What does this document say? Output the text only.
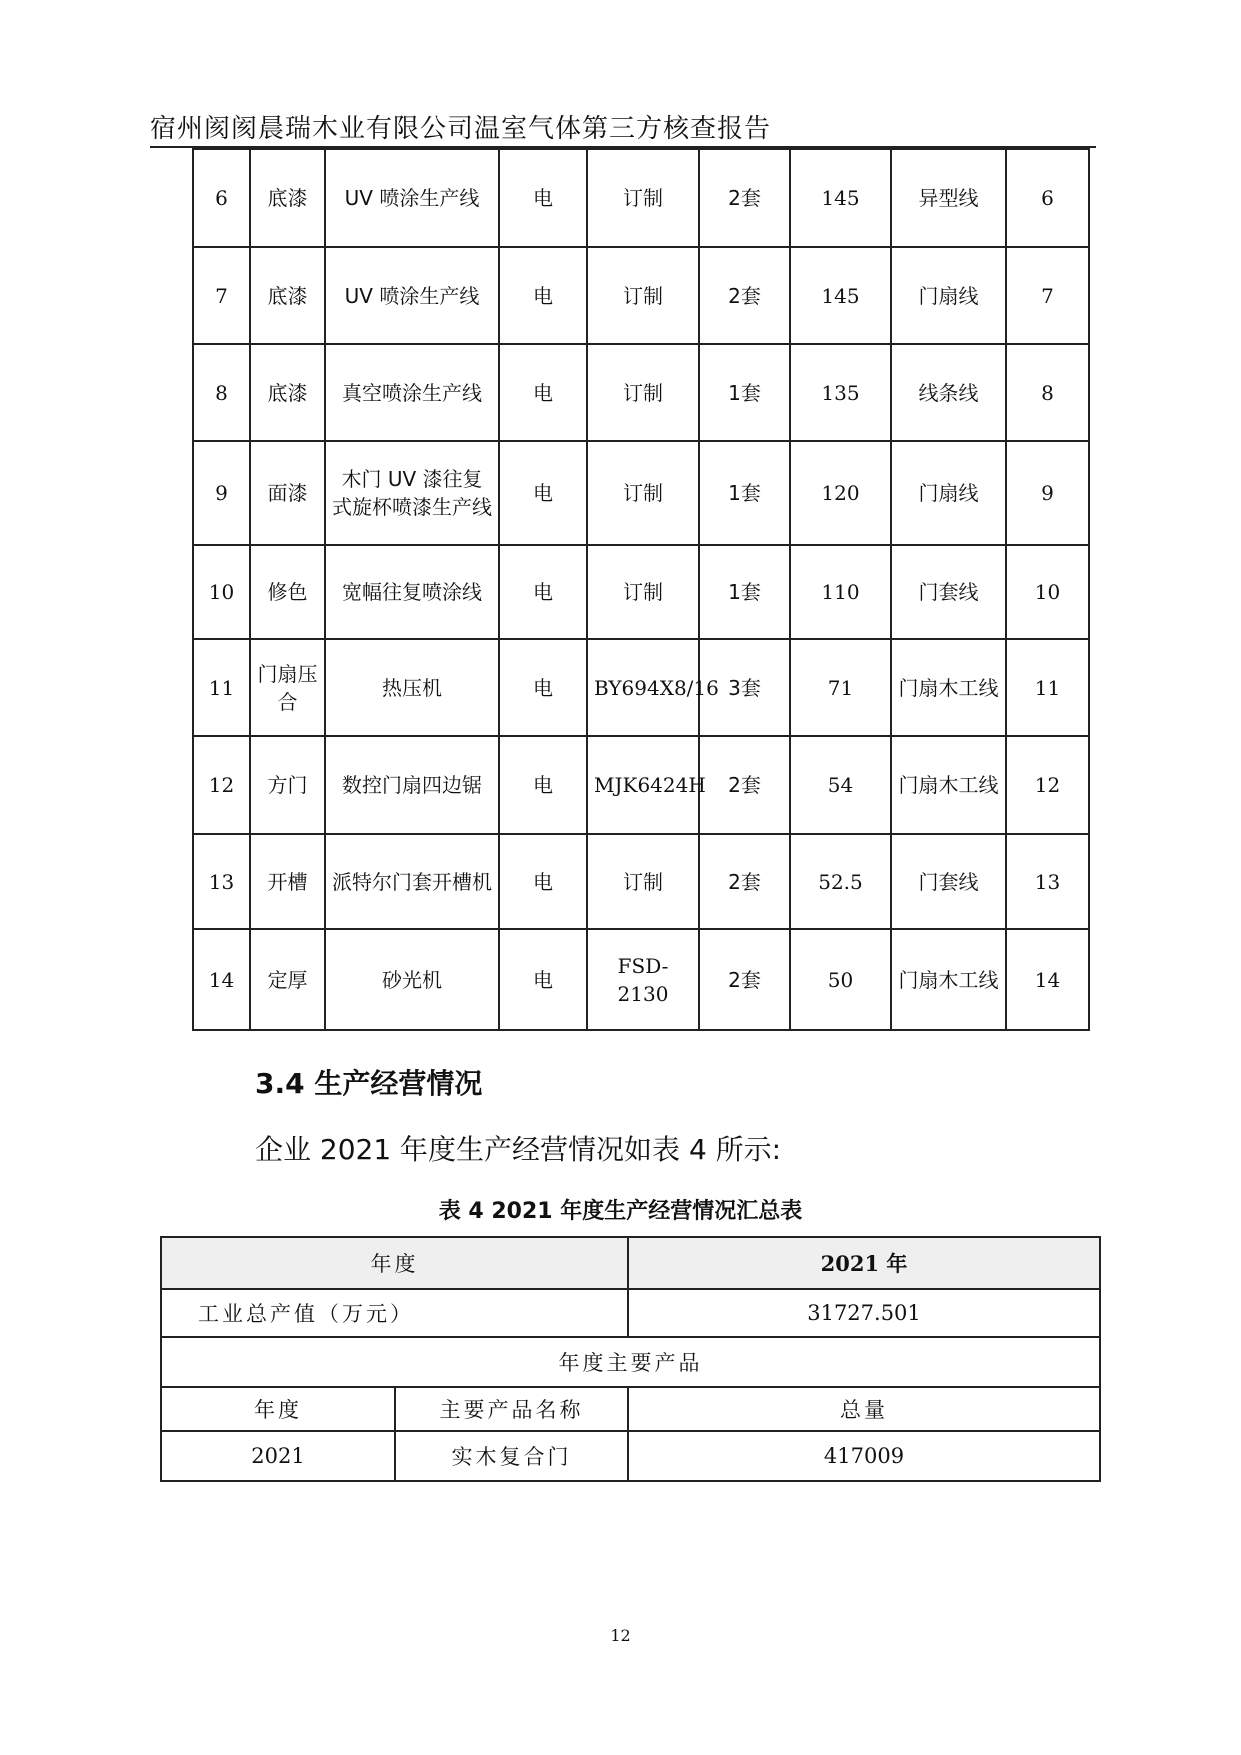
宿州阂阂晨瑞木业有限公司温室气体第三方核查报告
6	底漆	UV 喷涂生产线	电	订制	2套	145	异型线	6
7	底漆	UV 喷涂生产线	电	订制	2套	145	门扇线	7
8	底漆	真空喷涂生产线	电	订制	1套	135	线条线	8
9	面漆	木门 UV 漆往复式旋杯喷漆生产线	电	订制	1套	120	门扇线	9
10	修色	宽幅往复喷涂线	电	订制	1套	110	门套线	10
11	门扇压合	热压机	电	BY694X8/16	3套	71	门扇木工线	11
12	方门	数控门扇四边锯	电	MJK6424H	2套	54	门扇木工线	12
13	开槽	派特尔门套开槽机	电	订制	2套	52.5	门套线	13
14	定厚	砂光机	电	FSD-2130	2套	50	门扇木工线	14
3.4 生产经营情况
企业 2021 年度生产经营情况如表 4 所示:
表 4 2021 年度生产经营情况汇总表
年度		2021 年
工业总产值（万元）		31727.501
年度主要产品		
年度	主要产品名称	总量
2021	实木复合门	417009
12
